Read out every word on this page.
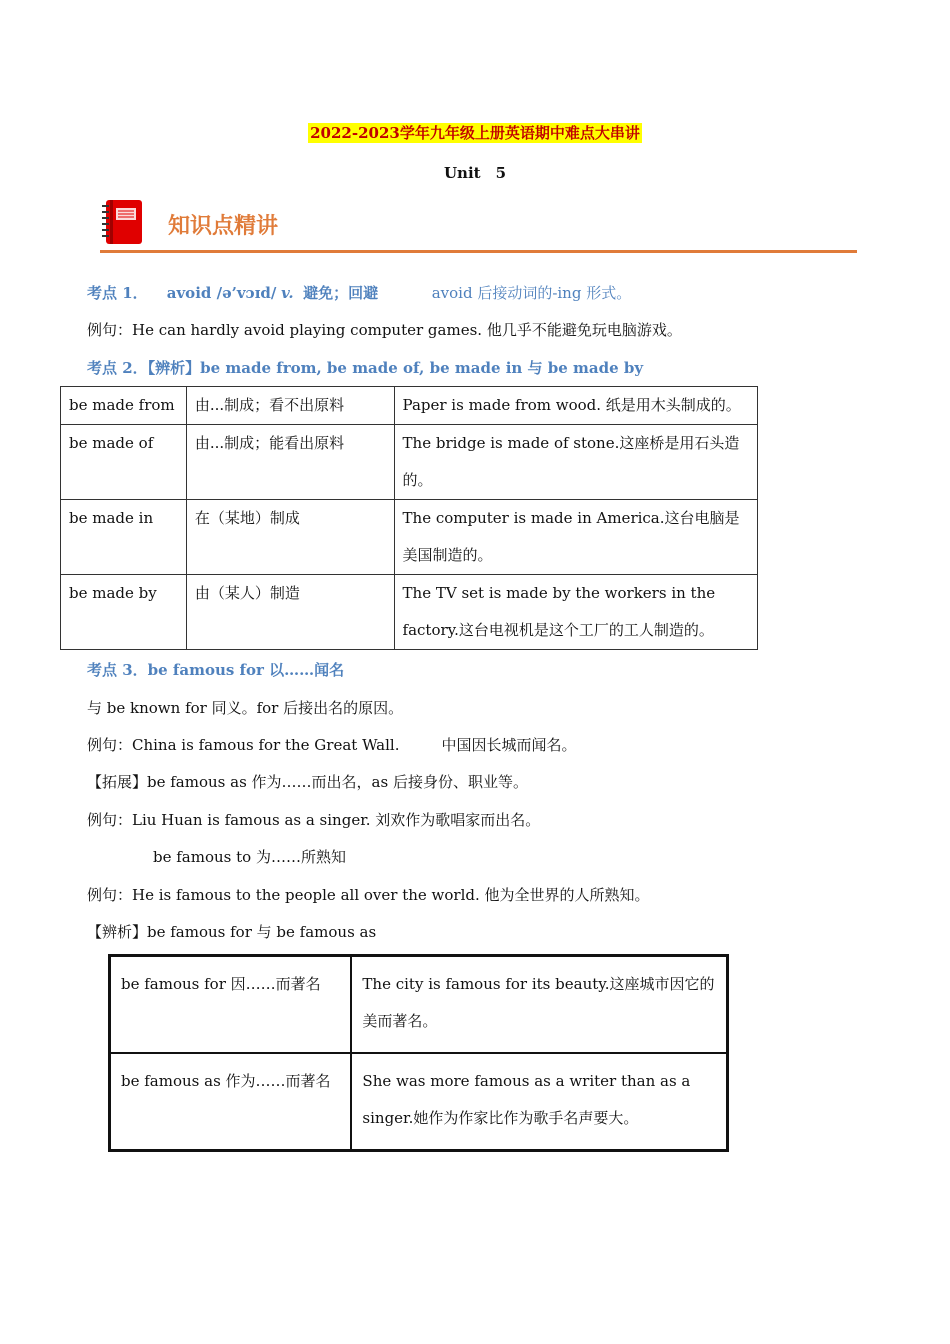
2022-2023学年九年级上册英语期中难点大串讲
Unit　5
知识点精讲
考点 1． avoid /ə’vɔɪd/ v. 避免；回避	avoid 后接动词的-ing 形式。
例句：He can hardly avoid playing computer games. 他几乎不能避免玩电脑游戏。
考点 2．【辨析】be made from, be made of, be made in 与 be made by
be made from	由...制成；看不出原料	Paper is made from wood. 纸是用木头制成的。
be made of	由...制成；能看出原料	The bridge is made of stone.这座桥是用石头造的。
be made in	在（某地）制成	The computer is made in America.这台电脑是美国制造的。
be made by	由（某人）制造	The TV set is made by the workers in the factory.这台电视机是这个工厂的工人制造的。
考点 3．be famous for 以……闻名
与 be known for 同义。for 后接出名的原因。
例句：China is famous for the Great Wall.	中国因长城而闻名。
【拓展】be famous as 作为……而出名，as 后接身份、职业等。
例句：Liu Huan is famous as a singer. 刘欢作为歌唱家而出名。
be famous to 为……所熟知
例句：He is famous to the people all over the world. 他为全世界的人所熟知。
【辨析】be famous for 与 be famous as
be famous for 因……而著名	The city is famous for its beauty.这座城市因它的美而著名。
be famous as 作为……而著名	She was more famous as a writer than as a singer.她作为作家比作为歌手名声要大。
